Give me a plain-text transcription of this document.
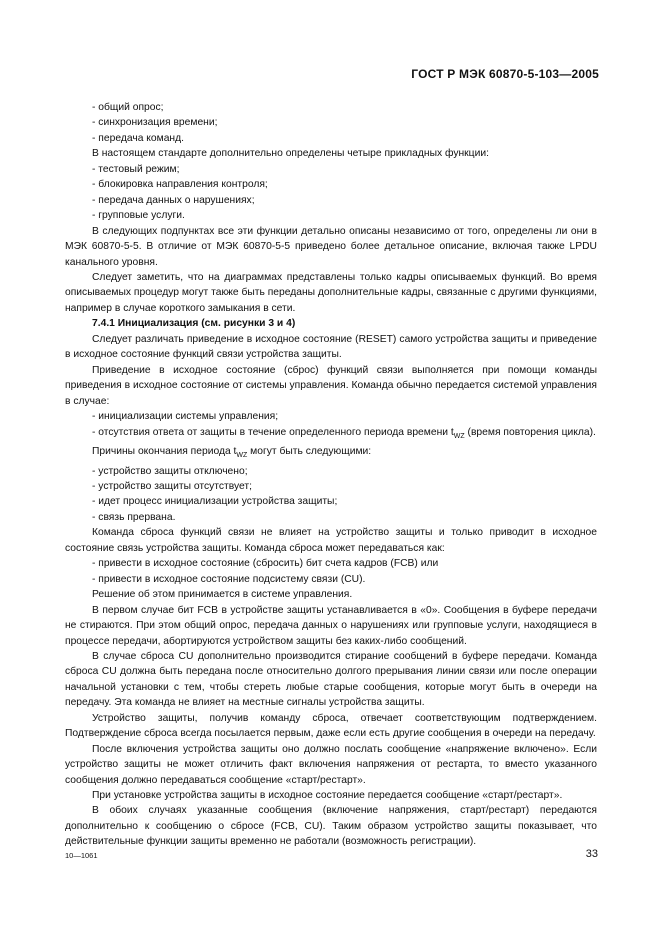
ГОСТ Р МЭК 60870-5-103—2005

- общий опрос;

- синхронизация времени;

- передача команд.

В настоящем стандарте дополнительно определены четыре прикладных функции:

- тестовый режим;

- блокировка направления контроля;

- передача данных о нарушениях;

- групповые услуги.

В следующих подпунктах все эти функции детально описаны независимо от того, определены ли они в МЭК 60870-5-5. В отличие от МЭК 60870-5-5 приведено более детальное описание, включая также LPDU канального уровня.

Следует заметить, что на диаграммах представлены только кадры описываемых функций. Во время описываемых процедур могут также быть переданы дополнительные кадры, связанные с другими функциями, например в случае короткого замыкания в сети.

7.4.1 Инициализация (см. рисунки 3 и 4)

Следует различать приведение в исходное состояние (RESET) самого устройства защиты и приведение в исходное состояние функций связи устройства защиты.

Приведение в исходное состояние (сброс) функций связи выполняется при помощи команды приведения в исходное состояние от системы управления. Команда обычно передается системой управления в случае:

- инициализации системы управления;

- отсутствия ответа от защиты в течение определенного периода времени $t_{WZ}$ (время повторения цикла).

Причины окончания периода $t_{WZ}$ могут быть следующими:

- устройство защиты отключено;

- устройство защиты отсутствует;

- идет процесс инициализации устройства защиты;

- связь прервана.

Команда сброса функций связи не влияет на устройство защиты и только приводит в исходное состояние связь устройства защиты. Команда сброса может передаваться как:

- привести в исходное состояние (сбросить) бит счета кадров (FCB) или

- привести в исходное состояние подсистему связи (CU).

Решение об этом принимается в системе управления.

В первом случае бит FCB в устройстве защиты устанавливается в «0». Сообщения в буфере передачи не стираются. При этом общий опрос, передача данных о нарушениях или групповые услуги, находящиеся в процессе передачи, абортируются устройством защиты без каких-либо сообщений.

В случае сброса CU дополнительно производится стирание сообщений в буфере передачи. Команда сброса CU должна быть передана после относительно долгого прерывания линии связи или после операции начальной установки с тем, чтобы стереть любые старые сообщения, которые могут быть в очереди на передачу. Эта команда не влияет на местные сигналы устройства защиты.

Устройство защиты, получив команду сброса, отвечает соответствующим подтверждением. Подтверждение сброса всегда посылается первым, даже если есть другие сообщения в очереди на передачу.

После включения устройства защиты оно должно послать сообщение «напряжение включено». Если устройство защиты не может отличить факт включения напряжения от рестарта, то вместо указанного сообщения должно передаваться сообщение «старт/рестарт».

При установке устройства защиты в исходное состояние передается сообщение «старт/рестарт».

В обоих случаях указанные сообщения (включение напряжения, старт/рестарт) передаются дополнительно к сообщению о сбросе (FCB, CU). Таким образом устройство защиты показывает, что действительные функции защиты временно не работали (возможность регистрации).

10—1061	33
